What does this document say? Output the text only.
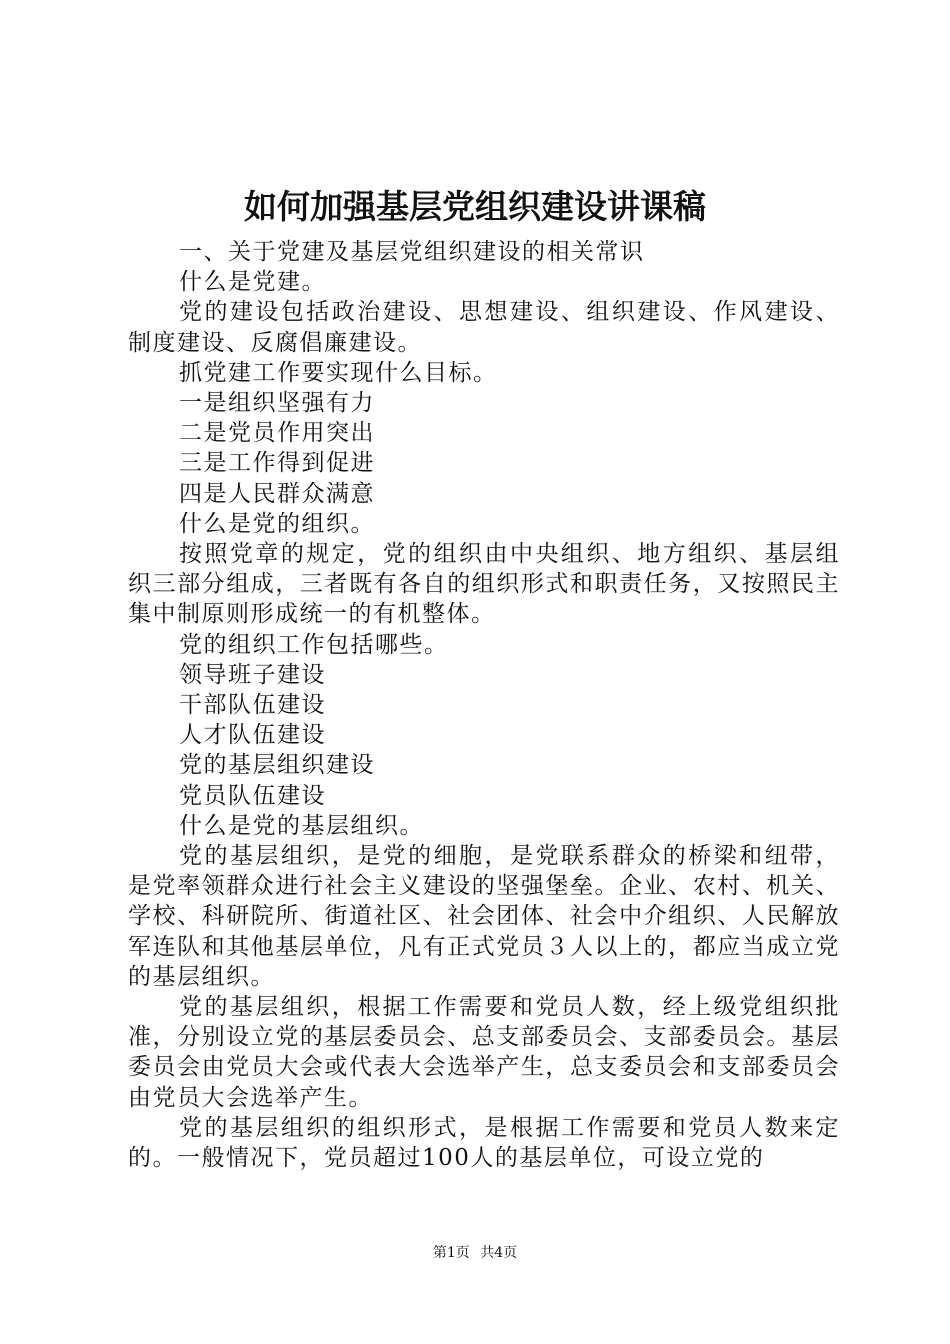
如何加强基层党组织建设讲课稿

一、关于党建及基层党组织建设的相关常识

什么是党建。

党的建设包括政治建设、思想建设、组织建设、作风建设、制度建设、反腐倡廉建设。

抓党建工作要实现什么目标。

一是组织坚强有力

二是党员作用突出

三是工作得到促进

四是人民群众满意

什么是党的组织。

按照党章的规定，党的组织由中央组织、地方组织、基层组织三部分组成，三者既有各自的组织形式和职责任务，又按照民主集中制原则形成统一的有机整体。

党的组织工作包括哪些。

领导班子建设

干部队伍建设

人才队伍建设

党的基层组织建设

党员队伍建设

什么是党的基层组织。

党的基层组织，是党的细胞，是党联系群众的桥梁和纽带，是党率领群众进行社会主义建设的坚强堡垒。企业、农村、机关、学校、科研院所、街道社区、社会团体、社会中介组织、人民解放军连队和其他基层单位，凡有正式党员３人以上的，都应当成立党的基层组织。

党的基层组织，根据工作需要和党员人数，经上级党组织批准，分别设立党的基层委员会、总支部委员会、支部委员会。基层委员会由党员大会或代表大会选举产生，总支委员会和支部委员会由党员大会选举产生。

党的基层组织的组织形式，是根据工作需要和党员人数来定的。一般情况下，党员超过100人的基层单位，可设立党的

第1页 共4页
